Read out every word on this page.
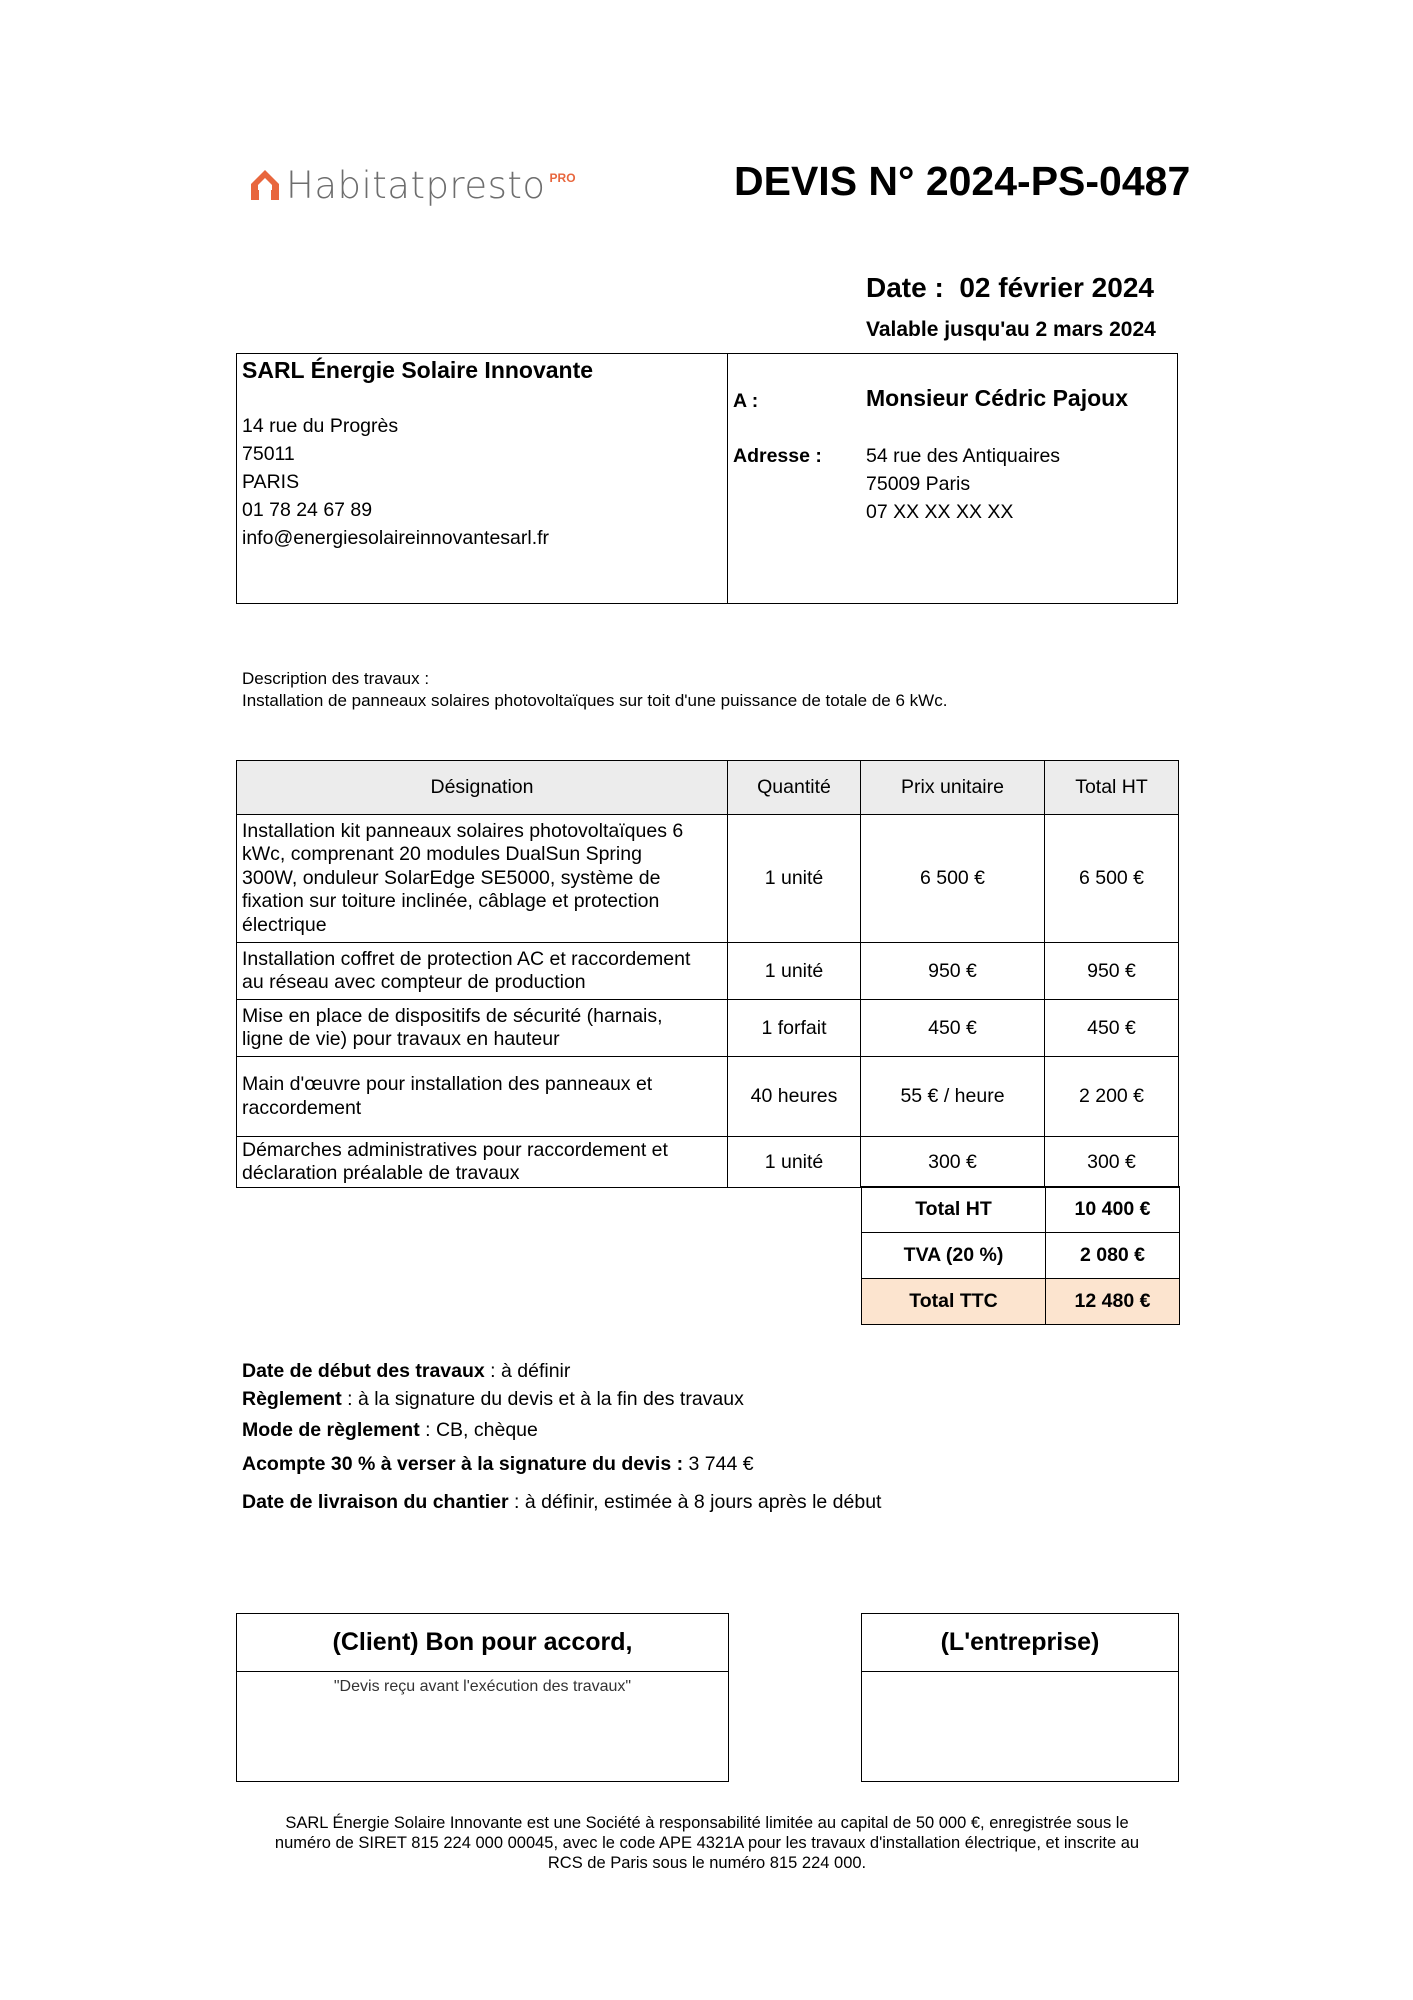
Habitatpresto PRO	DEVIS N° 2024-PS-0487
Date : 02 février 2024
Valable jusqu'au 2 mars 2024
SARL Énergie Solaire Innovante
14 rue du Progrès
75011
PARIS
01 78 24 67 89
info@energiesolaireinnovantesarl.fr
A :	Monsieur Cédric Pajoux
Adresse : 54 rue des Antiquaires
75009 Paris
07 XX XX XX XX
Description des travaux :
Installation de panneaux solaires photovoltaïques sur toit d'une puissance de totale de 6 kWc.
Désignation	Quantité	Prix unitaire	Total HT

Installation kit panneaux solaires photovoltaïques 6
kWc, comprenant 20 modules DualSun Spring
300W, onduleur SolarEdge SE5000, système de
fixation sur toiture inclinée, câblage et protection
électrique	1 unité	6 500 €	6 500 €

Installation coffret de protection AC et raccordement
au réseau avec compteur de production	1 unité	950 €	950 €

Mise en place de dispositifs de sécurité (harnais,
ligne de vie) pour travaux en hauteur	1 forfait	450 €	450 €

Main d'œuvre pour installation des panneaux et
raccordement	40 heures	55 € / heure	2 200 €

Démarches administratives pour raccordement et
déclaration préalable de travaux	1 unité	300 €	300 €
Total HT	10 400 €
TVA (20 %)	2 080 €
Total TTC	12 480 €
Date de début des travaux : à définir
Règlement : à la signature du devis et à la fin des travaux
Mode de règlement : CB, chèque
Acompte 30 % à verser à la signature du devis : 3 744 €
Date de livraison du chantier : à définir, estimée à 8 jours après le début
(Client) Bon pour accord,
"Devis reçu avant l'exécution des travaux"
(L'entreprise)
SARL Énergie Solaire Innovante est une Société à responsabilité limitée au capital de 50 000 €, enregistrée sous le
numéro de SIRET 815 224 000 00045, avec le code APE 4321A pour les travaux d'installation électrique, et inscrite au
RCS de Paris sous le numéro 815 224 000.
